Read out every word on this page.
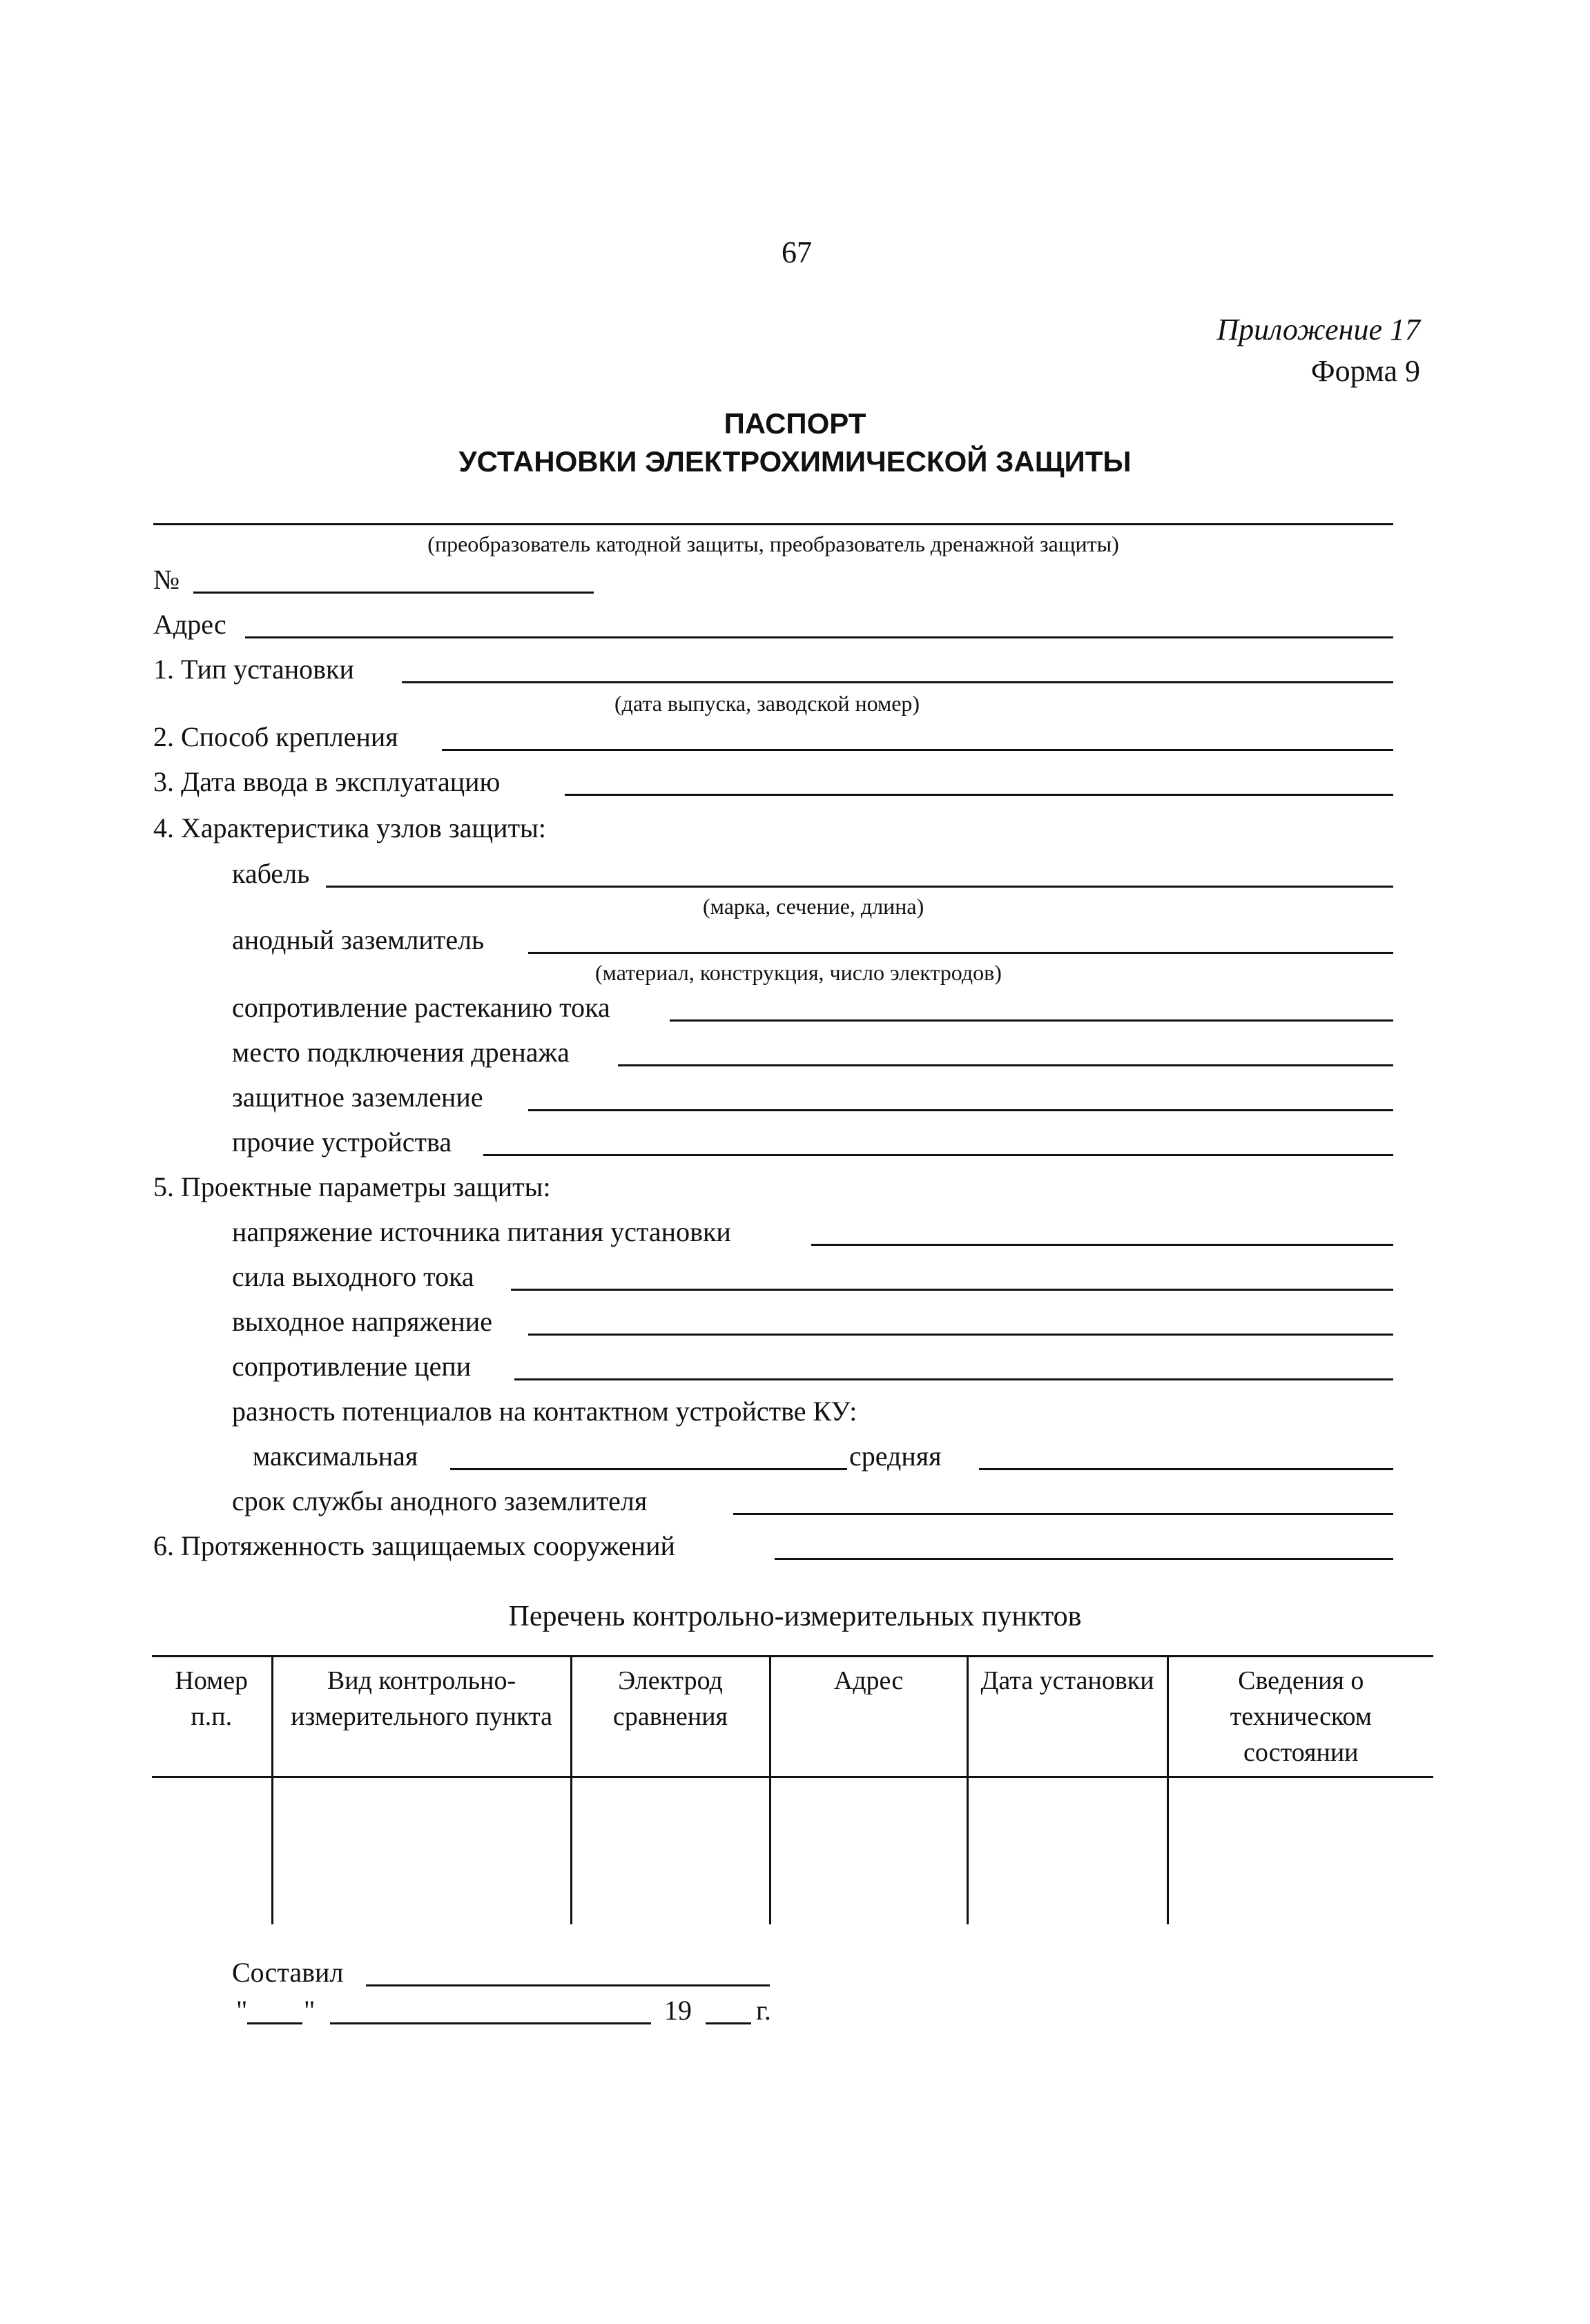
67
Приложение 17
Форма 9
ПАСПОРТ
УСТАНОВКИ ЭЛЕКТРОХИМИЧЕСКОЙ ЗАЩИТЫ
(преобразователь катодной защиты, преобразователь дренажной защиты)
№
Адрес
1. Тип установки
(дата выпуска, заводской номер)
2. Способ крепления
3. Дата ввода в эксплуатацию
4. Характеристика узлов защиты:
кабель
(марка, сечение, длина)
анодный заземлитель
(материал, конструкция, число электродов)
сопротивление растеканию тока
место подключения дренажа
защитное заземление
прочие устройства
5. Проектные параметры защиты:
напряжение источника питания установки
сила выходного тока
выходное напряжение
сопротивление цепи
разность потенциалов на контактном устройстве КУ:
максимальная	средняя
срок службы анодного заземлителя
6. Протяженность защищаемых сооружений
Перечень контрольно-измерительных пунктов
Номер п.п.	Вид контрольно-измерительного пункта	Электрод сравнения	Адрес	Дата установки	Сведения о техническом состоянии

Составил
" "	19 г.
